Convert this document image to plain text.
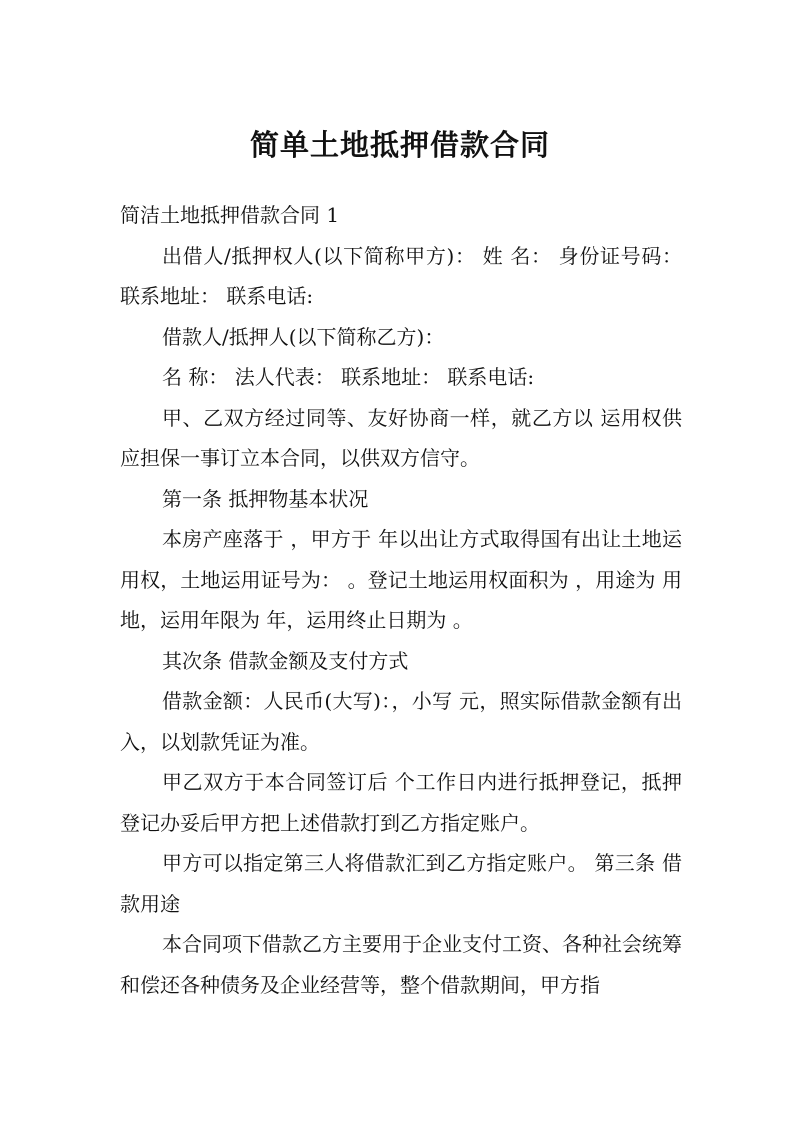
简单土地抵押借款合同

简洁土地抵押借款合同 1

出借人/抵押权人(以下简称甲方)： 姓 名： 身份证号码： 联系地址： 联系电话:

借款人/抵押人(以下简称乙方)：

名 称： 法人代表： 联系地址： 联系电话:

甲、乙双方经过同等、友好协商一样，就乙方以 运用权供应担保一事订立本合同，以供双方信守。

第一条 抵押物基本状况

本房产座落于 ，甲方于 年以出让方式取得国有出让土地运用权，土地运用证号为： 。登记土地运用权面积为 ，用途为 用地，运用年限为 年，运用终止日期为 。

其次条 借款金额及支付方式

借款金额：人民币(大写)：，小写 元，照实际借款金额有出入，以划款凭证为准。

甲乙双方于本合同签订后 个工作日内进行抵押登记，抵押登记办妥后甲方把上述借款打到乙方指定账户。

甲方可以指定第三人将借款汇到乙方指定账户。 第三条 借款用途

本合同项下借款乙方主要用于企业支付工资、各种社会统筹和偿还各种债务及企业经营等，整个借款期间，甲方指
